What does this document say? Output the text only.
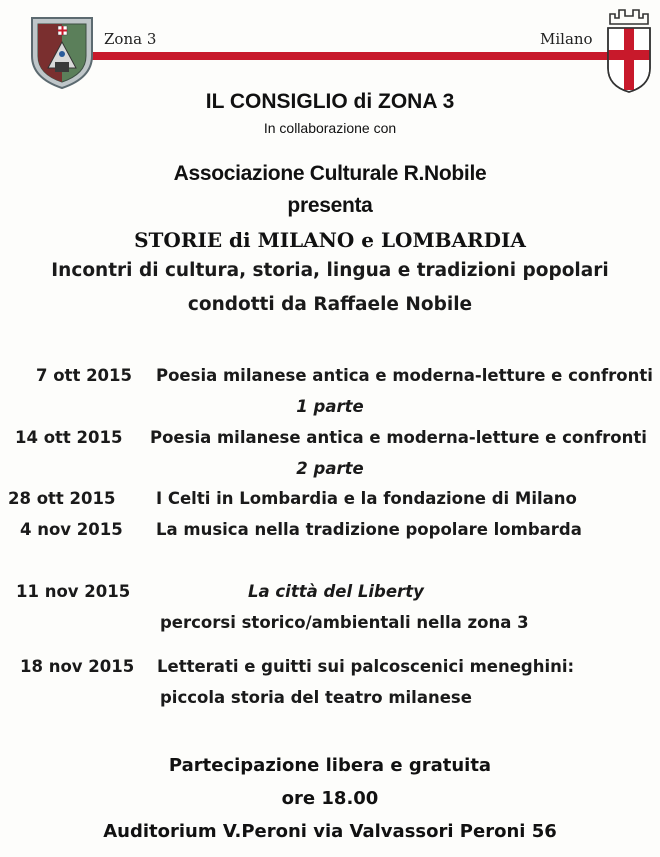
Zona 3	Milano
IL CONSIGLIO di ZONA 3
In collaborazione con
Associazione Culturale R.Nobile
presenta
STORIE di MILANO e LOMBARDIA
Incontri di cultura, storia, lingua e tradizioni popolari
condotti da Raffaele Nobile
7 ott 2015 Poesia milanese antica e moderna-letture e confronti
1 parte
14 ott 2015 Poesia milanese antica e moderna-letture e confronti
2 parte
28 ott 2015 I Celti in Lombardia e la fondazione di Milano
4 nov 2015 La musica nella tradizione popolare lombarda
11 nov 2015	La città del Liberty
percorsi storico/ambientali nella zona 3
18 nov 2015 Letterati e guitti sui palcoscenici meneghini:
piccola storia del teatro milanese
Partecipazione libera e gratuita
ore 18.00
Auditorium V.Peroni via Valvassori Peroni 56
